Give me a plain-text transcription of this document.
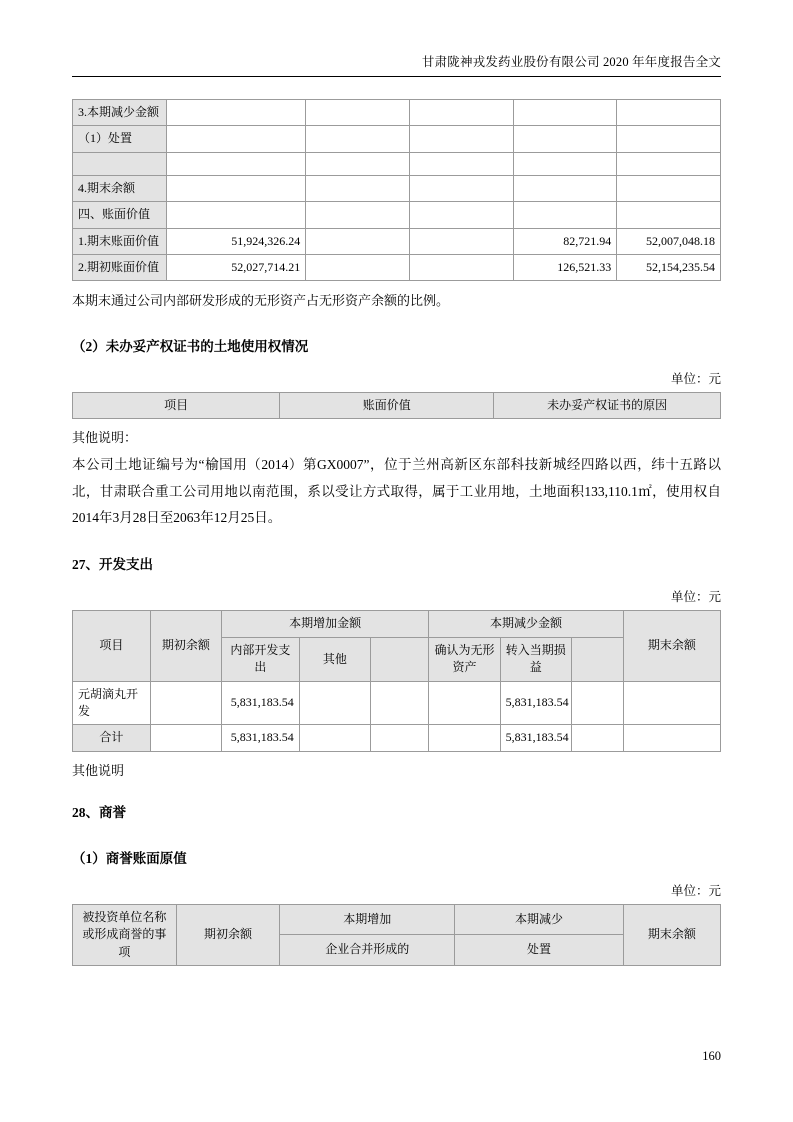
甘肃陇神戎发药业股份有限公司 2020 年年度报告全文
3.本期减少金额					
（1）处置					

4.期末余额					
四、账面价值					
1.期末账面价值	51,924,326.24			82,721.94	52,007,048.18
2.期初账面价值	52,027,714.21			126,521.33	52,154,235.54

本期末通过公司内部研发形成的无形资产占无形资产余额的比例。

（2）未办妥产权证书的土地使用权情况
单位：元
项目	账面价值	未办妥产权证书的原因

其他说明：

本公司土地证编号为“榆国用（2014）第GX0007”，位于兰州高新区东部科技新城经四路以西，纬十五路以北，甘肃联合重工公司用地以南范围，系以受让方式取得，属于工业用地，土地面积133,110.1㎡，使用权自2014年3月28日至2063年12月25日。

27、开发支出
单位：元
项目	期初余额	本期增加金额			本期减少金额			期末余额
		内部开发支出	其他		确认为无形资产	转入当期损益		
元胡滴丸开发		5,831,183.54				5,831,183.54		
合计		5,831,183.54				5,831,183.54		

其他说明

28、商誉
（1）商誉账面原值
单位：元
被投资单位名称或形成商誉的事项	期初余额	本期增加	本期减少	期末余额
		企业合并形成的	处置	
160
